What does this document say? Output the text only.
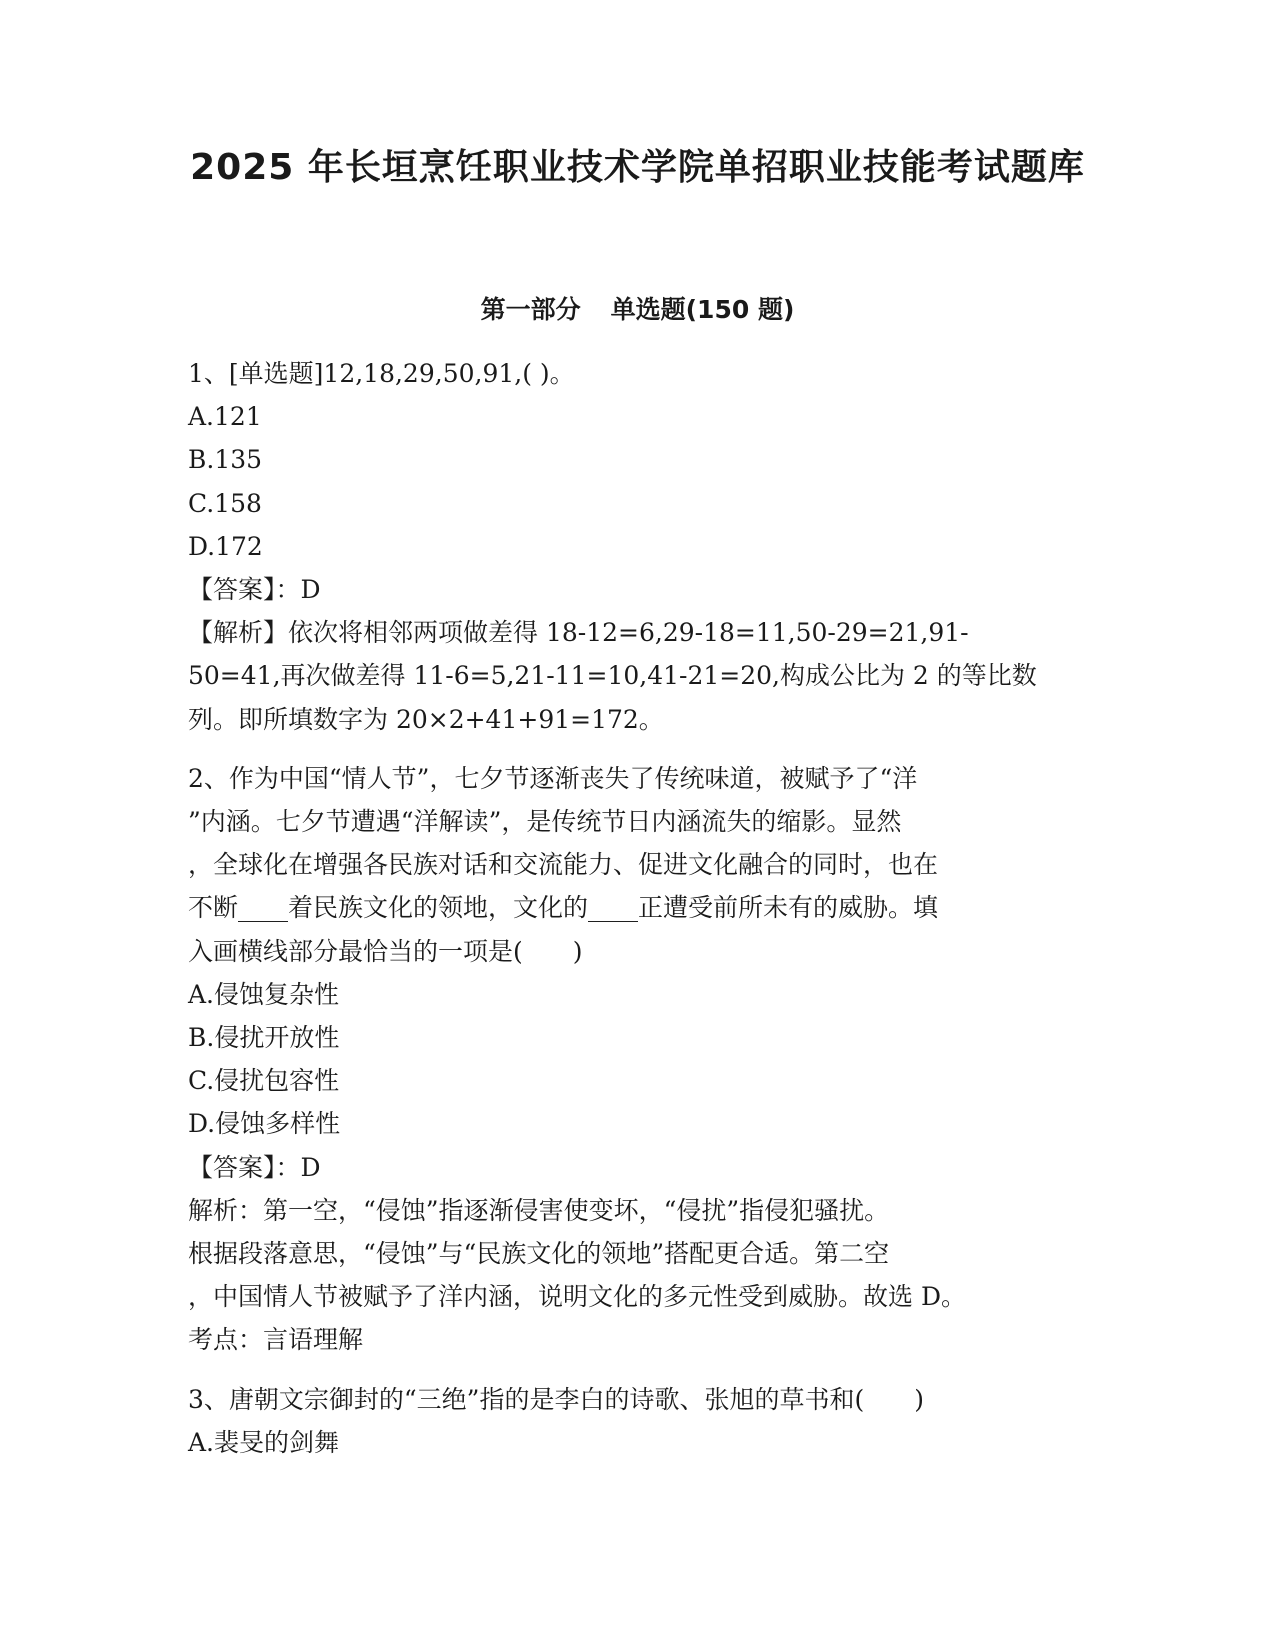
2025 年长垣烹饪职业技术学院单招职业技能考试题库
第一部分 单选题(150 题)
1、[单选题]12,18,29,50,91,( )。
A.121
B.135
C.158
D.172
【答案】：D
【解析】依次将相邻两项做差得 18-12=6,29-18=11,50-29=21,91-
50=41,再次做差得 11-6=5,21-11=10,41-21=20,构成公比为 2 的等比数
列。即所填数字为 20×2+41+91=172。
2、作为中国“情人节”，七夕节逐渐丧失了传统味道，被赋予了“洋
”内涵。七夕节遭遇“洋解读”，是传统节日内涵流失的缩影。显然
，全球化在增强各民族对话和交流能力、促进文化融合的同时，也在
不断____着民族文化的领地，文化的____正遭受前所未有的威胁。填
入画横线部分最恰当的一项是(　　)
A.侵蚀复杂性
B.侵扰开放性
C.侵扰包容性
D.侵蚀多样性
【答案】：D
解析：第一空，“侵蚀”指逐渐侵害使变坏，“侵扰”指侵犯骚扰。
根据段落意思，“侵蚀”与“民族文化的领地”搭配更合适。第二空
，中国情人节被赋予了洋内涵，说明文化的多元性受到威胁。故选 D。
考点：言语理解
3、唐朝文宗御封的“三绝”指的是李白的诗歌、张旭的草书和(　　)
A.裴旻的剑舞
